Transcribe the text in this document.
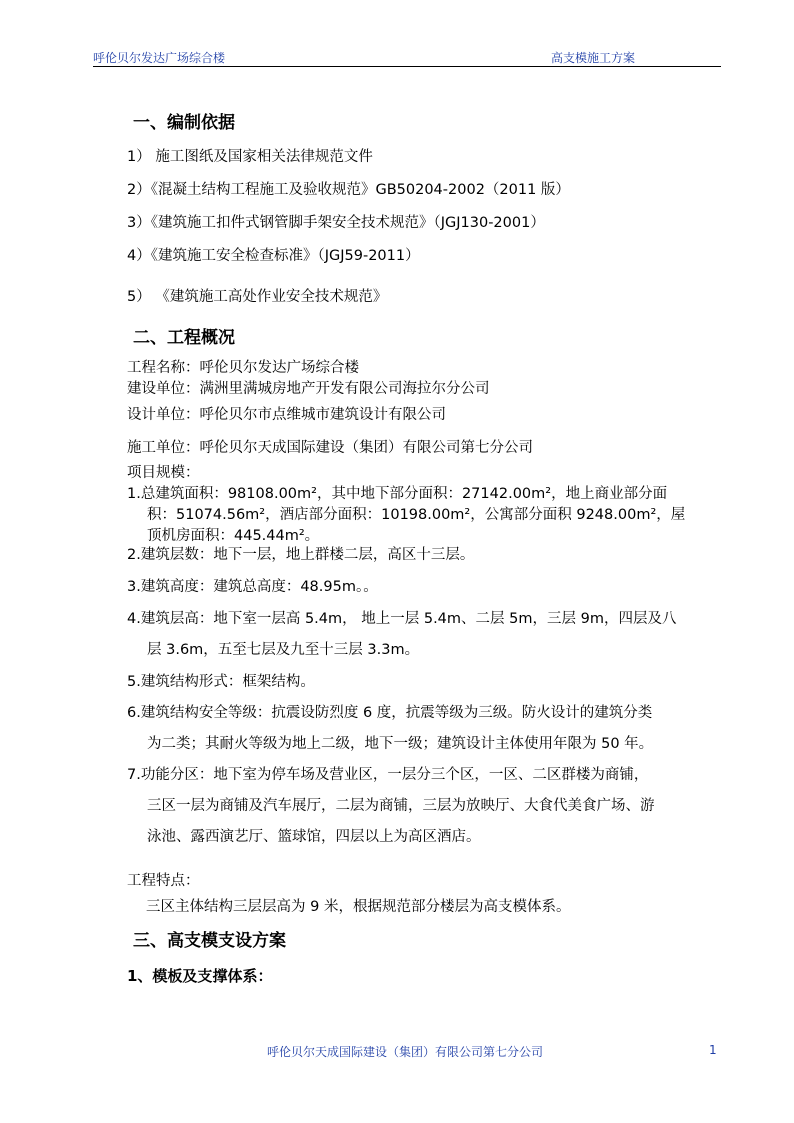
呼伦贝尔发达广场综合楼	高支模施工方案
一、编制依据
1） 施工图纸及国家相关法律规范文件
2）《混凝土结构工程施工及验收规范》GB50204-2002（2011 版）
3）《建筑施工扣件式钢管脚手架安全技术规范》（JGJ130-2001）
4）《建筑施工安全检查标准》（JGJ59-2011）
5） 《建筑施工高处作业安全技术规范》
二、工程概况
工程名称：呼伦贝尔发达广场综合楼
建设单位：满洲里满城房地产开发有限公司海拉尔分公司
设计单位：呼伦贝尔市点维城市建筑设计有限公司
施工单位：呼伦贝尔天成国际建设（集团）有限公司第七分公司
项目规模：
1.总建筑面积：98108.00m²，其中地下部分面积：27142.00m²，地上商业部分面
积：51074.56m²，酒店部分面积：10198.00m²，公寓部分面积 9248.00m²，屋
顶机房面积：445.44m²。
2.建筑层数：地下一层，地上群楼二层，高区十三层。
3.建筑高度：建筑总高度：48.95m。。
4.建筑层高：地下室一层高 5.4m， 地上一层 5.4m、二层 5m，三层 9m，四层及八
层 3.6m，五至七层及九至十三层 3.3m。
5.建筑结构形式：框架结构。
6.建筑结构安全等级：抗震设防烈度 6 度，抗震等级为三级。防火设计的建筑分类
为二类；其耐火等级为地上二级，地下一级；建筑设计主体使用年限为 50 年。
7.功能分区：地下室为停车场及营业区，一层分三个区，一区、二区群楼为商铺，
三区一层为商铺及汽车展厅，二层为商铺，三层为放映厅、大食代美食广场、游
泳池、露西演艺厅、篮球馆，四层以上为高区酒店。
工程特点：
三区主体结构三层层高为 9 米，根据规范部分楼层为高支模体系。
三、高支模支设方案
1、模板及支撑体系：
呼伦贝尔天成国际建设（集团）有限公司第七分公司	1
